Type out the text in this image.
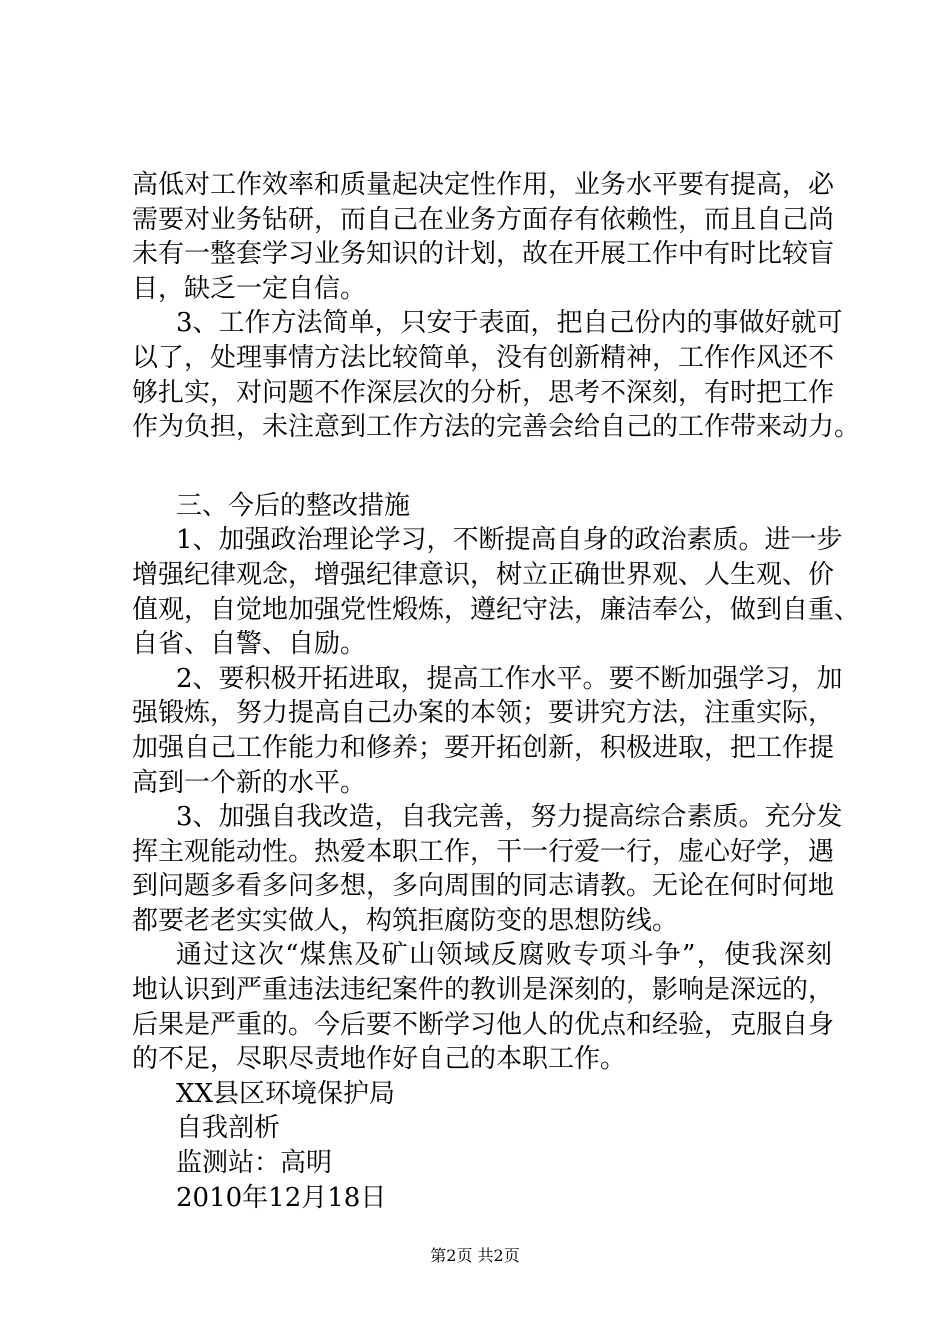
高低对工作效率和质量起决定性作用，业务水平要有提高，必
需要对业务钻研，而自己在业务方面存有依赖性，而且自己尚
未有一整套学习业务知识的计划，故在开展工作中有时比较盲
目，缺乏一定自信。
3、工作方法简单，只安于表面，把自己份内的事做好就可
以了，处理事情方法比较简单，没有创新精神，工作作风还不
够扎实，对问题不作深层次的分析，思考不深刻，有时把工作
作为负担，未注意到工作方法的完善会给自己的工作带来动力。
三、今后的整改措施
1、加强政治理论学习，不断提高自身的政治素质。进一步
增强纪律观念，增强纪律意识，树立正确世界观、人生观、价
值观，自觉地加强党性煅炼，遵纪守法，廉洁奉公，做到自重、
自省、自警、自励。
2、要积极开拓进取，提高工作水平。要不断加强学习，加
强锻炼，努力提高自己办案的本领；要讲究方法，注重实际，
加强自己工作能力和修养；要开拓创新，积极进取，把工作提
高到一个新的水平。
3、加强自我改造，自我完善，努力提高综合素质。充分发
挥主观能动性。热爱本职工作，干一行爱一行，虚心好学，遇
到问题多看多问多想，多向周围的同志请教。无论在何时何地
都要老老实实做人，构筑拒腐防变的思想防线。
通过这次“煤焦及矿山领域反腐败专项斗争”，使我深刻
地认识到严重违法违纪案件的教训是深刻的，影响是深远的，
后果是严重的。今后要不断学习他人的优点和经验，克服自身
的不足，尽职尽责地作好自己的本职工作。
XX县区环境保护局
自我剖析
监测站：高明
2010年12月18日
第2页 共2页
